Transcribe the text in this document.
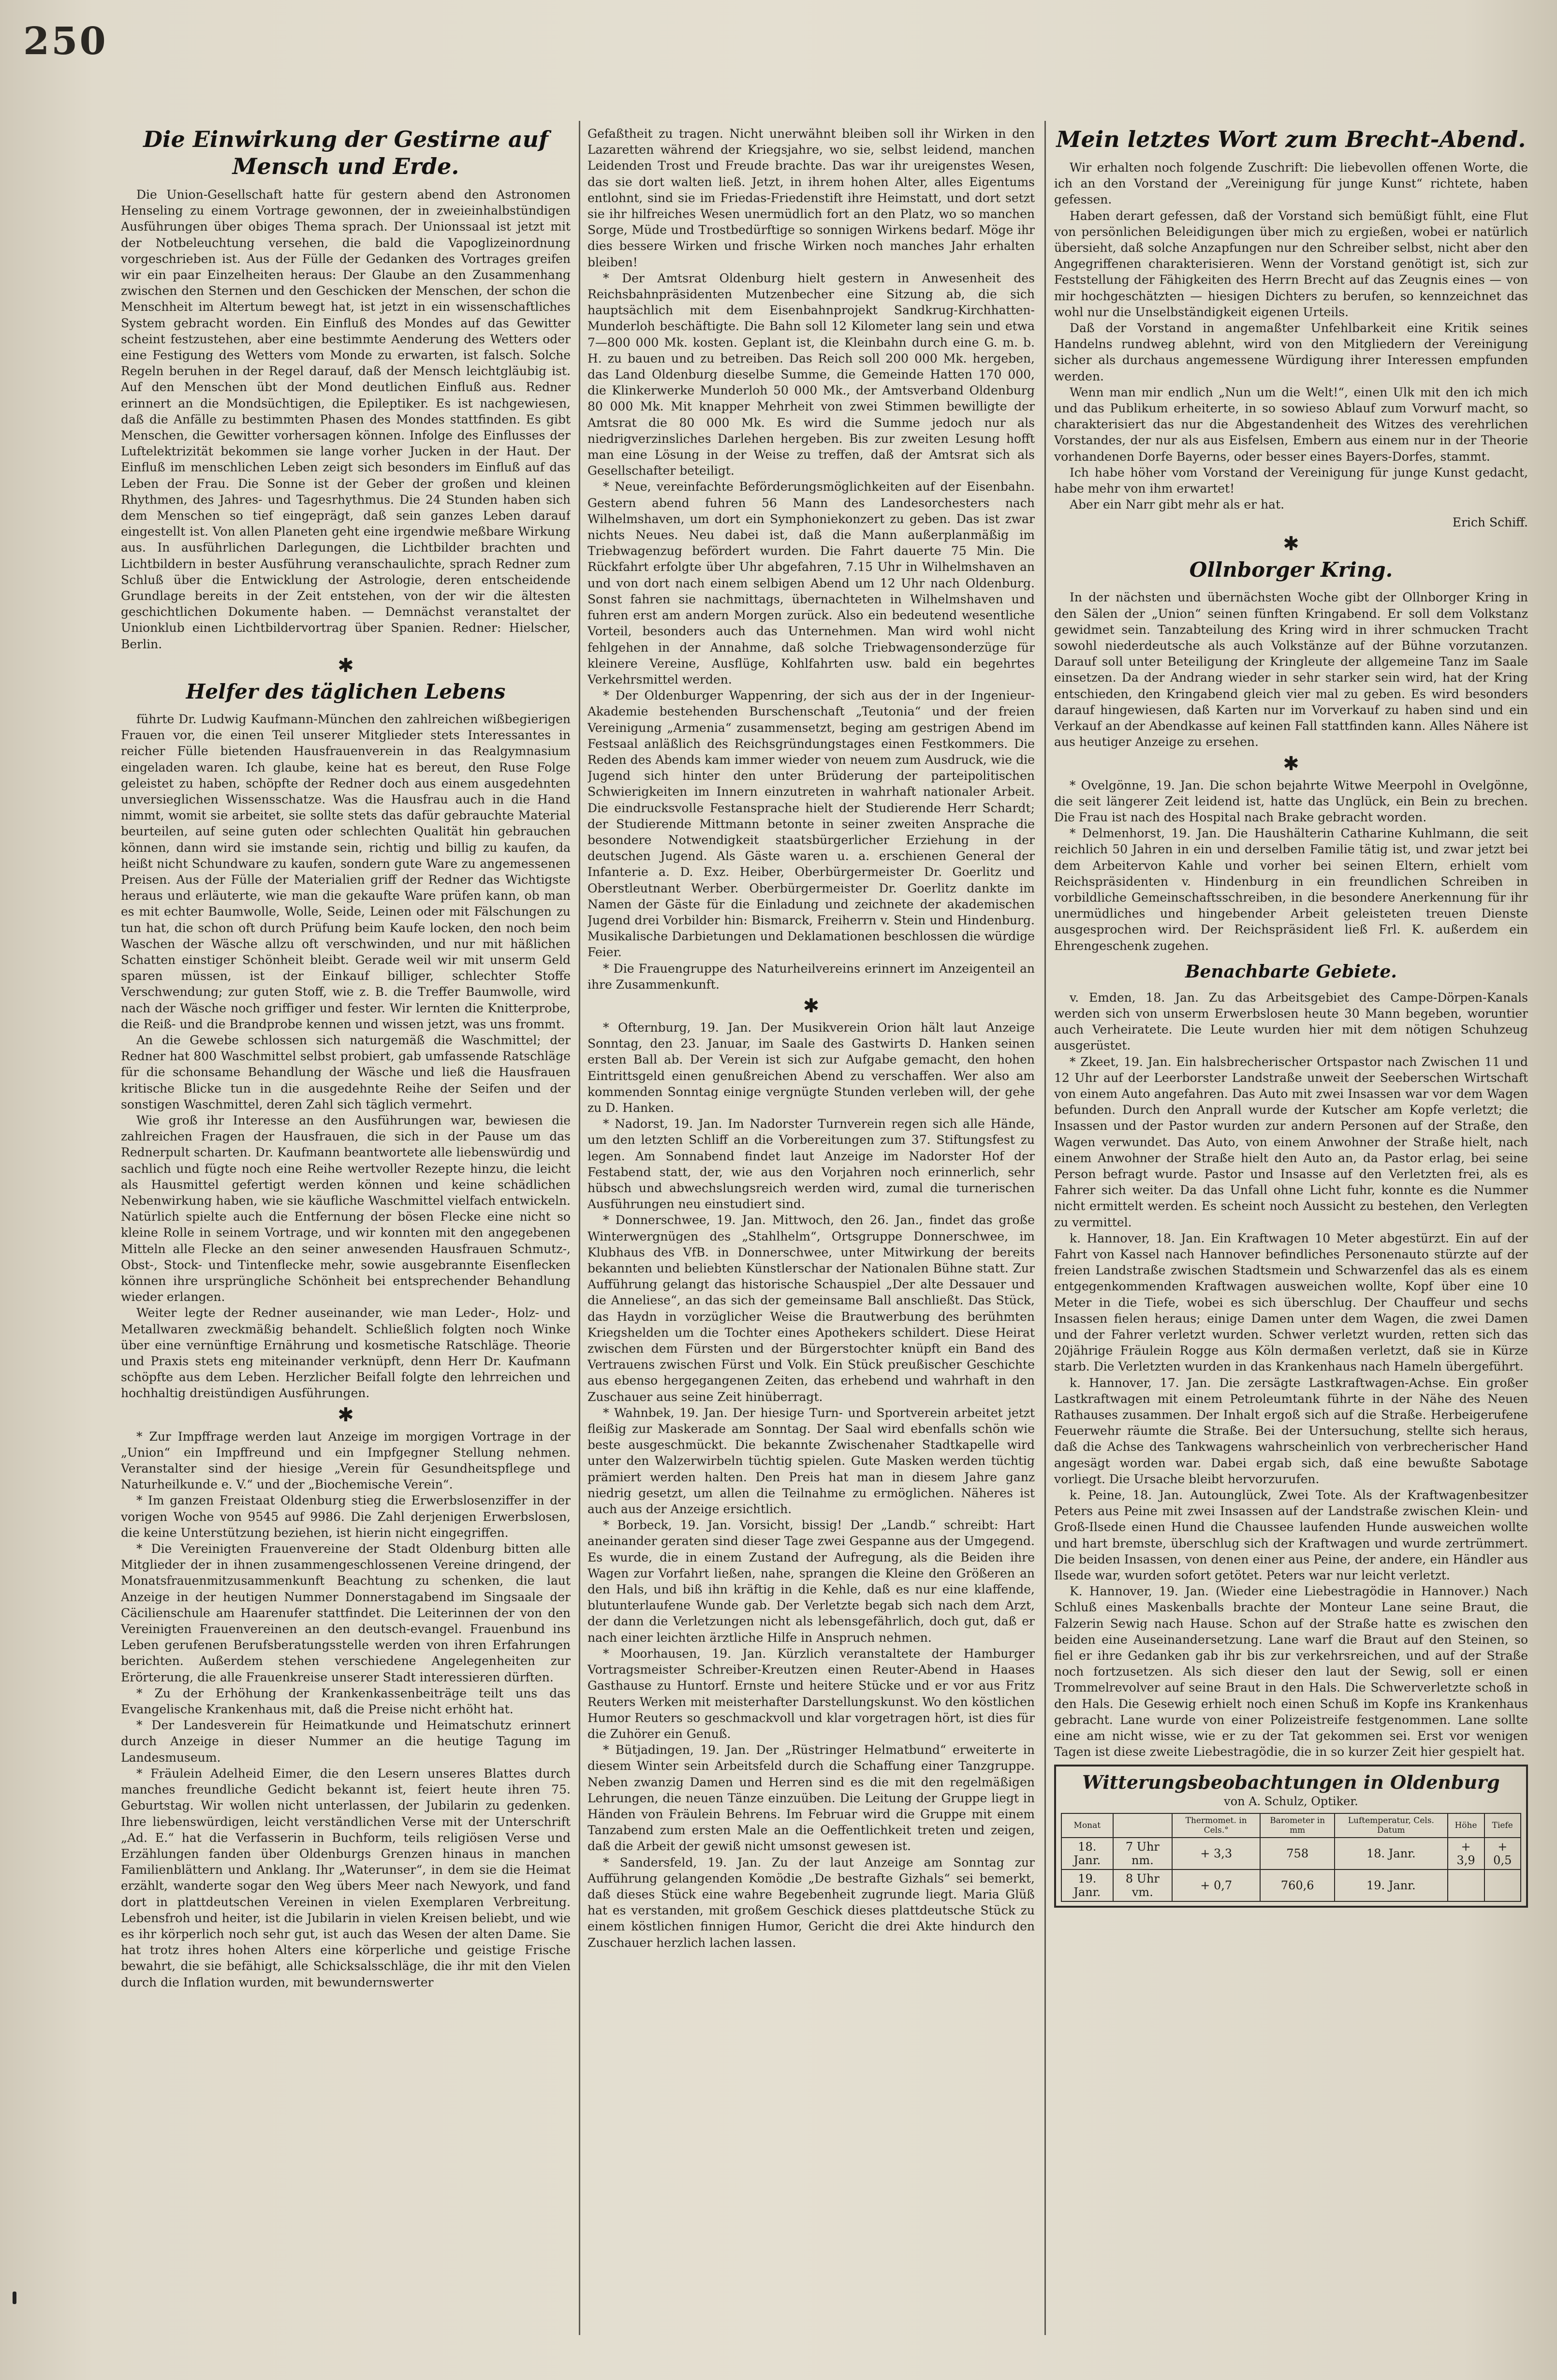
250
Die Einwirkung der Gestirne auf Mensch und Erde.

Die Union-Gesellschaft hatte für gestern abend den Astronomen Henseling zu einem Vortrage gewonnen, der in zweieinhalbstündigen Ausführungen über obiges Thema sprach. Der Unionssaal ist jetzt mit der Notbeleuchtung versehen, die bald die Vapoglizeinordnung vorgeschrieben ist. Aus der Fülle der Gedanken des Vortrages greifen wir ein paar Einzelheiten heraus: Der Glaube an den Zusammenhang zwischen den Sternen und den Geschicken der Menschen, der schon die Menschheit im Altertum bewegt hat, ist jetzt in ein wissenschaftliches System gebracht worden. Ein Einfluß des Mondes auf das Gewitter scheint festzustehen, aber eine bestimmte Aenderung des Wetters oder eine Festigung des Wetters vom Monde zu erwarten, ist falsch. Solche Regeln beruhen in der Regel darauf, daß der Mensch leichtgläubig ist. Auf den Menschen übt der Mond deutlichen Einfluß aus. Redner erinnert an die Mondsüchtigen, die Epileptiker. Es ist nachgewiesen, daß die Anfälle zu bestimmten Phasen des Mondes stattfinden. Es gibt Menschen, die Gewitter vorhersagen können. Infolge des Einflusses der Luftelektrizität bekommen sie lange vorher Jucken in der Haut. Der Einfluß im menschlichen Leben zeigt sich besonders im Einfluß auf das Leben der Frau. Die Sonne ist der Geber der großen und kleinen Rhythmen, des Jahres- und Tagesrhythmus. Die 24 Stunden haben sich dem Menschen so tief eingeprägt, daß sein ganzes Leben darauf eingestellt ist. Von allen Planeten geht eine irgendwie meßbare Wirkung aus. In ausführlichen Darlegungen, die Lichtbilder brachten und Lichtbildern in bester Ausführung veranschaulichte, sprach Redner zum Schluß über die Entwicklung der Astrologie, deren entscheidende Grundlage bereits in der Zeit entstehen, von der wir die ältesten geschichtlichen Dokumente haben. — Demnächst veranstaltet der Unionklub einen Lichtbildervortrag über Spanien. Redner: Hielscher, Berlin.

✱
Helfer des täglichen Lebens

führte Dr. Ludwig Kaufmann-München den zahlreichen wißbegierigen Frauen vor, die einen Teil unserer Mitglieder stets Interessantes in reicher Fülle bietenden Hausfrauenverein in das Realgymnasium eingeladen waren. Ich glaube, keine hat es bereut, den Ruse Folge geleistet zu haben, schöpfte der Redner doch aus einem ausgedehnten unversieglichen Wissensschatze. Was die Hausfrau auch in die Hand nimmt, womit sie arbeitet, sie sollte stets das dafür gebrauchte Material beurteilen, auf seine guten oder schlechten Qualität hin gebrauchen können, dann wird sie imstande sein, richtig und billig zu kaufen, da heißt nicht Schundware zu kaufen, sondern gute Ware zu angemessenen Preisen. Aus der Fülle der Materialien griff der Redner das Wichtigste heraus und erläuterte, wie man die gekaufte Ware prüfen kann, ob man es mit echter Baumwolle, Wolle, Seide, Leinen oder mit Fälschungen zu tun hat, die schon oft durch Prüfung beim Kaufe locken, den noch beim Waschen der Wäsche allzu oft verschwinden, und nur mit häßlichen Schatten einstiger Schönheit bleibt. Gerade weil wir mit unserm Geld sparen müssen, ist der Einkauf billiger, schlechter Stoffe Verschwendung; zur guten Stoff, wie z. B. die Treffer Baumwolle, wird nach der Wäsche noch griffiger und fester. Wir lernten die Knitterprobe, die Reiß- und die Brandprobe kennen und wissen jetzt, was uns frommt.

An die Gewebe schlossen sich naturgemäß die Waschmittel; der Redner hat 800 Waschmittel selbst probiert, gab umfassende Ratschläge für die schonsame Behandlung der Wäsche und ließ die Hausfrauen kritische Blicke tun in die ausgedehnte Reihe der Seifen und der sonstigen Waschmittel, deren Zahl sich täglich vermehrt.

Wie groß ihr Interesse an den Ausführungen war, bewiesen die zahlreichen Fragen der Hausfrauen, die sich in der Pause um das Rednerpult scharten. Dr. Kaufmann beantwortete alle liebenswürdig und sachlich und fügte noch eine Reihe wertvoller Rezepte hinzu, die leicht als Hausmittel gefertigt werden können und keine schädlichen Nebenwirkung haben, wie sie käufliche Waschmittel vielfach entwickeln. Natürlich spielte auch die Entfernung der bösen Flecke eine nicht so kleine Rolle in seinem Vortrage, und wir konnten mit den angegebenen Mitteln alle Flecke an den seiner anwesenden Hausfrauen Schmutz-, Obst-, Stock- und Tintenflecke mehr, sowie ausgebrannte Eisenflecken können ihre ursprüngliche Schönheit bei entsprechender Behandlung wieder erlangen.

Weiter legte der Redner auseinander, wie man Leder-, Holz- und Metallwaren zweckmäßig behandelt. Schließlich folgten noch Winke über eine vernünftige Ernährung und kosmetische Ratschläge. Theorie und Praxis stets eng miteinander verknüpft, denn Herr Dr. Kaufmann schöpfte aus dem Leben. Herzlicher Beifall folgte den lehrreichen und hochhaltig dreistündigen Ausführungen.

✱

* Zur Impffrage werden laut Anzeige im morgigen Vortrage in der „Union“ ein Impffreund und ein Impfgegner Stellung nehmen. Veranstalter sind der hiesige „Verein für Gesundheitspflege und Naturheilkunde e. V.“ und der „Biochemische Verein“.

* Im ganzen Freistaat Oldenburg stieg die Erwerbslosenziffer in der vorigen Woche von 9545 auf 9986. Die Zahl derjenigen Erwerbslosen, die keine Unterstützung beziehen, ist hierin nicht eingegriffen.

* Die Vereinigten Frauenvereine der Stadt Oldenburg bitten alle Mitglieder der in ihnen zusammengeschlossenen Vereine dringend, der Monatsfrauenmitzusammenkunft Beachtung zu schenken, die laut Anzeige in der heutigen Nummer Donnerstagabend im Singsaale der Cäcilienschule am Haarenufer stattfindet. Die Leiterinnen der von den Vereinigten Frauenvereinen an den deutsch-evangel. Frauenbund ins Leben gerufenen Berufsberatungsstelle werden von ihren Erfahrungen berichten. Außerdem stehen verschiedene Angelegenheiten zur Erörterung, die alle Frauenkreise unserer Stadt interessieren dürften.

* Zu der Erhöhung der Krankenkassenbeiträge teilt uns das Evangelische Krankenhaus mit, daß die Preise nicht erhöht hat.

* Der Landesverein für Heimatkunde und Heimatschutz erinnert durch Anzeige in dieser Nummer an die heutige Tagung im Landesmuseum.

* Fräulein Adelheid Eimer, die den Lesern unseres Blattes durch manches freundliche Gedicht bekannt ist, feiert heute ihren 75. Geburtstag. Wir wollen nicht unterlassen, der Jubilarin zu gedenken. Ihre liebenswürdigen, leicht verständlichen Verse mit der Unterschrift „Ad. E.“ hat die Verfasserin in Buchform, teils religiösen Verse und Erzählungen fanden über Oldenburgs Grenzen hinaus in manchen Familienblättern und Anklang. Ihr „Waterunser“, in dem sie die Heimat erzählt, wanderte sogar den Weg übers Meer nach Newyork, und fand dort in plattdeutschen Vereinen in vielen Exemplaren Verbreitung. Lebensfroh und heiter, ist die Jubilarin in vielen Kreisen beliebt, und wie es ihr körperlich noch sehr gut, ist auch das Wesen der alten Dame. Sie hat trotz ihres hohen Alters eine körperliche und geistige Frische bewahrt, die sie befähigt, alle Schicksalsschläge, die ihr mit den Vielen durch die Inflation wurden, mit bewundernswerter

Gefaßtheit zu tragen. Nicht unerwähnt bleiben soll ihr Wirken in den Lazaretten während der Kriegsjahre, wo sie, selbst leidend, manchen Leidenden Trost und Freude brachte. Das war ihr ureigenstes Wesen, das sie dort walten ließ. Jetzt, in ihrem hohen Alter, alles Eigentums entlohnt, sind sie im Friedas-Friedenstift ihre Heimstatt, und dort setzt sie ihr hilfreiches Wesen unermüdlich fort an den Platz, wo so manchen Sorge, Müde und Trostbedürftige so sonnigen Wirkens bedarf. Möge ihr dies bessere Wirken und frische Wirken noch manches Jahr erhalten bleiben!

* Der Amtsrat Oldenburg hielt gestern in Anwesenheit des Reichsbahnpräsidenten Mutzenbecher eine Sitzung ab, die sich hauptsächlich mit dem Eisenbahnprojekt Sandkrug-Kirchhatten-Munderloh beschäftigte. Die Bahn soll 12 Kilometer lang sein und etwa 7—800 000 Mk. kosten. Geplant ist, die Kleinbahn durch eine G. m. b. H. zu bauen und zu betreiben. Das Reich soll 200 000 Mk. hergeben, das Land Oldenburg dieselbe Summe, die Gemeinde Hatten 170 000, die Klinkerwerke Munderloh 50 000 Mk., der Amtsverband Oldenburg 80 000 Mk. Mit knapper Mehrheit von zwei Stimmen bewilligte der Amtsrat die 80 000 Mk. Es wird die Summe jedoch nur als niedrigverzinsliches Darlehen hergeben. Bis zur zweiten Lesung hofft man eine Lösung in der Weise zu treffen, daß der Amtsrat sich als Gesellschafter beteiligt.

* Neue, vereinfachte Beförderungsmöglichkeiten auf der Eisenbahn. Gestern abend fuhren 56 Mann des Landesorchesters nach Wilhelmshaven, um dort ein Symphoniekonzert zu geben. Das ist zwar nichts Neues. Neu dabei ist, daß die Mann außerplanmäßig im Triebwagenzug befördert wurden. Die Fahrt dauerte 75 Min. Die Rückfahrt erfolgte über Uhr abgefahren, 7.15 Uhr in Wilhelmshaven an und von dort nach einem selbigen Abend um 12 Uhr nach Oldenburg. Sonst fahren sie nachmittags, übernachteten in Wilhelmshaven und fuhren erst am andern Morgen zurück. Also ein bedeutend wesentliche Vorteil, besonders auch das Unternehmen. Man wird wohl nicht fehlgehen in der Annahme, daß solche Triebwagensonderzüge für kleinere Vereine, Ausflüge, Kohlfahrten usw. bald ein begehrtes Verkehrsmittel werden.

* Der Oldenburger Wappenring, der sich aus der in der Ingenieur-Akademie bestehenden Burschenschaft „Teutonia“ und der freien Vereinigung „Armenia“ zusammensetzt, beging am gestrigen Abend im Festsaal anläßlich des Reichsgründungstages einen Festkommers. Die Reden des Abends kam immer wieder von neuem zum Ausdruck, wie die Jugend sich hinter den unter Brüderung der parteipolitischen Schwierigkeiten im Innern einzutreten in wahrhaft nationaler Arbeit. Die eindrucksvolle Festansprache hielt der Studierende Herr Schardt; der Studierende Mittmann betonte in seiner zweiten Ansprache die besondere Notwendigkeit staatsbürgerlicher Erziehung in der deutschen Jugend. Als Gäste waren u. a. erschienen General der Infanterie a. D. Exz. Heiber, Oberbürgermeister Dr. Goerlitz und Oberstleutnant Werber. Oberbürgermeister Dr. Goerlitz dankte im Namen der Gäste für die Einladung und zeichnete der akademischen Jugend drei Vorbilder hin: Bismarck, Freiherrn v. Stein und Hindenburg. Musikalische Darbietungen und Deklamationen beschlossen die würdige Feier.

* Die Frauengruppe des Naturheilvereins erinnert im Anzeigenteil an ihre Zusammenkunft.

✱

* Ofternburg, 19. Jan. Der Musikverein Orion hält laut Anzeige Sonntag, den 23. Januar, im Saale des Gastwirts D. Hanken seinen ersten Ball ab. Der Verein ist sich zur Aufgabe gemacht, den hohen Eintrittsgeld einen genußreichen Abend zu verschaffen. Wer also am kommenden Sonntag einige vergnügte Stunden verleben will, der gehe zu D. Hanken.

* Nadorst, 19. Jan. Im Nadorster Turnverein regen sich alle Hände, um den letzten Schliff an die Vorbereitungen zum 37. Stiftungsfest zu legen. Am Sonnabend findet laut Anzeige im Nadorster Hof der Festabend statt, der, wie aus den Vorjahren noch erinnerlich, sehr hübsch und abwechslungsreich werden wird, zumal die turnerischen Ausführungen neu einstudiert sind.

* Donnerschwee, 19. Jan. Mittwoch, den 26. Jan., findet das große Winterwergnügen des „Stahlhelm“, Ortsgruppe Donnerschwee, im Klubhaus des VfB. in Donnerschwee, unter Mitwirkung der bereits bekannten und beliebten Künstlerschar der Nationalen Bühne statt. Zur Aufführung gelangt das historische Schauspiel „Der alte Dessauer und die Anneliese“, an das sich der gemeinsame Ball anschließt. Das Stück, das Haydn in vorzüglicher Weise die Brautwerbung des berühmten Kriegshelden um die Tochter eines Apothekers schildert. Diese Heirat zwischen dem Fürsten und der Bürgerstochter knüpft ein Band des Vertrauens zwischen Fürst und Volk. Ein Stück preußischer Geschichte aus ebenso hergegangenen Zeiten, das erhebend und wahrhaft in den Zuschauer aus seine Zeit hinüberragt.

* Wahnbek, 19. Jan. Der hiesige Turn- und Sportverein arbeitet jetzt fleißig zur Maskerade am Sonntag. Der Saal wird ebenfalls schön wie beste ausgeschmückt. Die bekannte Zwischenaher Stadtkapelle wird unter den Walzerwirbeln tüchtig spielen. Gute Masken werden tüchtig prämiert werden halten. Den Preis hat man in diesem Jahre ganz niedrig gesetzt, um allen die Teilnahme zu ermöglichen. Näheres ist auch aus der Anzeige ersichtlich.

* Borbeck, 19. Jan. Vorsicht, bissig! Der „Landb.“ schreibt: Hart aneinander geraten sind dieser Tage zwei Gespanne aus der Umgegend. Es wurde, die in einem Zustand der Aufregung, als die Beiden ihre Wagen zur Vorfahrt ließen, nahe, sprangen die Kleine den Größeren an den Hals, und biß ihn kräftig in die Kehle, daß es nur eine klaffende, blutunterlaufene Wunde gab. Der Verletzte begab sich nach dem Arzt, der dann die Verletzungen nicht als lebensgefährlich, doch gut, daß er nach einer leichten ärztliche Hilfe in Anspruch nehmen.

* Moorhausen, 19. Jan. Kürzlich veranstaltete der Hamburger Vortragsmeister Schreiber-Kreutzen einen Reuter-Abend in Haases Gasthause zu Huntorf. Ernste und heitere Stücke und er vor aus Fritz Reuters Werken mit meisterhafter Darstellungskunst. Wo den köstlichen Humor Reuters so geschmackvoll und klar vorgetragen hört, ist dies für die Zuhörer ein Genuß.

* Bütjadingen, 19. Jan. Der „Rüstringer Helmatbund“ erweiterte in diesem Winter sein Arbeitsfeld durch die Schaffung einer Tanzgruppe. Neben zwanzig Damen und Herren sind es die mit den regelmäßigen Lehrungen, die neuen Tänze einzuüben. Die Leitung der Gruppe liegt in Händen von Fräulein Behrens. Im Februar wird die Gruppe mit einem Tanzabend zum ersten Male an die Oeffentlichkeit treten und zeigen, daß die Arbeit der gewiß nicht umsonst gewesen ist.

* Sandersfeld, 19. Jan. Zu der laut Anzeige am Sonntag zur Aufführung gelangenden Komödie „De bestrafte Gizhals“ sei bemerkt, daß dieses Stück eine wahre Begebenheit zugrunde liegt. Maria Glüß hat es verstanden, mit großem Geschick dieses plattdeutsche Stück zu einem köstlichen finnigen Humor, Gericht die drei Akte hindurch den Zuschauer herzlich lachen lassen.

Mein letztes Wort zum Brecht-Abend.

Wir erhalten noch folgende Zuschrift: Die liebevollen offenen Worte, die ich an den Vorstand der „Vereinigung für junge Kunst“ richtete, haben gefessen.

Haben derart gefessen, daß der Vorstand sich bemüßigt fühlt, eine Flut von persönlichen Beleidigungen über mich zu ergießen, wobei er natürlich übersieht, daß solche Anzapfungen nur den Schreiber selbst, nicht aber den Angegriffenen charakterisieren. Wenn der Vorstand genötigt ist, sich zur Feststellung der Fähigkeiten des Herrn Brecht auf das Zeugnis eines — von mir hochgeschätzten — hiesigen Dichters zu berufen, so kennzeichnet das wohl nur die Unselbständigkeit eigenen Urteils.

Daß der Vorstand in angemaßter Unfehlbarkeit eine Kritik seines Handelns rundweg ablehnt, wird von den Mitgliedern der Vereinigung sicher als durchaus angemessene Würdigung ihrer Interessen empfunden werden.

Wenn man mir endlich „Nun um die Welt!“, einen Ulk mit den ich mich und das Publikum erheiterte, in so sowieso Ablauf zum Vorwurf macht, so charakterisiert das nur die Abgestandenheit des Witzes des verehrlichen Vorstandes, der nur als aus Eisfelsen, Embern aus einem nur in der Theorie vorhandenen Dorfe Bayerns, oder besser eines Bayers-Dorfes, stammt.

Ich habe höher vom Vorstand der Vereinigung für junge Kunst gedacht, habe mehr von ihm erwartet!

Aber ein Narr gibt mehr als er hat.

Erich Schiff.
✱
Ollnborger Kring.

In der nächsten und übernächsten Woche gibt der Ollnborger Kring in den Sälen der „Union“ seinen fünften Kringabend. Er soll dem Volkstanz gewidmet sein. Tanzabteilung des Kring wird in ihrer schmucken Tracht sowohl niederdeutsche als auch Volkstänze auf der Bühne vorzutanzen. Darauf soll unter Beteiligung der Kringleute der allgemeine Tanz im Saale einsetzen. Da der Andrang wieder in sehr starker sein wird, hat der Kring entschieden, den Kringabend gleich vier mal zu geben. Es wird besonders darauf hingewiesen, daß Karten nur im Vorverkauf zu haben sind und ein Verkauf an der Abendkasse auf keinen Fall stattfinden kann. Alles Nähere ist aus heutiger Anzeige zu ersehen.

✱

* Ovelgönne, 19. Jan. Die schon bejahrte Witwe Meerpohl in Ovelgönne, die seit längerer Zeit leidend ist, hatte das Unglück, ein Bein zu brechen. Die Frau ist nach des Hospital nach Brake gebracht worden.

* Delmenhorst, 19. Jan. Die Haushälterin Catharine Kuhlmann, die seit reichlich 50 Jahren in ein und derselben Familie tätig ist, und zwar jetzt bei dem Arbeitervon Kahle und vorher bei seinen Eltern, erhielt vom Reichspräsidenten v. Hindenburg in ein freundlichen Schreiben in vorbildliche Gemeinschaftsschreiben, in die besondere Anerkennung für ihr unermüdliches und hingebender Arbeit geleisteten treuen Dienste ausgesprochen wird. Der Reichspräsident ließ Frl. K. außerdem ein Ehrengeschenk zugehen.

Benachbarte Gebiete.

v. Emden, 18. Jan. Zu das Arbeitsgebiet des Campe-Dörpen-Kanals werden sich von unserm Erwerbslosen heute 30 Mann begeben, woruntier auch Verheiratete. Die Leute wurden hier mit dem nötigen Schuhzeug ausgerüstet.

* Zkeet, 19. Jan. Ein halsbrecherischer Ortspastor nach Zwischen 11 und 12 Uhr auf der Leerborster Landstraße unweit der Seeberschen Wirtschaft von einem Auto angefahren. Das Auto mit zwei Insassen war vor dem Wagen befunden. Durch den Anprall wurde der Kutscher am Kopfe verletzt; die Insassen und der Pastor wurden zur andern Personen auf der Straße, den Wagen verwundet. Das Auto, von einem Anwohner der Straße hielt, nach einem Anwohner der Straße hielt den Auto an, da Pastor erlag, bei seine Person befragt wurde. Pastor und Insasse auf den Verletzten frei, als es Fahrer sich weiter. Da das Unfall ohne Licht fuhr, konnte es die Nummer nicht ermittelt werden. Es scheint noch Aussicht zu bestehen, den Verlegten zu vermittel.

k. Hannover, 18. Jan. Ein Kraftwagen 10 Meter abgestürzt. Ein auf der Fahrt von Kassel nach Hannover befindliches Personenauto stürzte auf der freien Landstraße zwischen Stadtsmein und Schwarzenfel das als es einem entgegenkommenden Kraftwagen ausweichen wollte, Kopf über eine 10 Meter in die Tiefe, wobei es sich überschlug. Der Chauffeur und sechs Insassen fielen heraus; einige Damen unter dem Wagen, die zwei Damen und der Fahrer verletzt wurden. Schwer verletzt wurden, retten sich das 20jährige Fräulein Rogge aus Köln dermaßen verletzt, daß sie in Kürze starb. Die Verletzten wurden in das Krankenhaus nach Hameln übergeführt.

k. Hannover, 17. Jan. Die zersägte Lastkraftwagen-Achse. Ein großer Lastkraftwagen mit einem Petroleumtank führte in der Nähe des Neuen Rathauses zusammen. Der Inhalt ergoß sich auf die Straße. Herbeigerufene Feuerwehr räumte die Straße. Bei der Untersuchung, stellte sich heraus, daß die Achse des Tankwagens wahrscheinlich von verbrecherischer Hand angesägt worden war. Dabei ergab sich, daß eine bewußte Sabotage vorliegt. Die Ursache bleibt hervorzurufen.

k. Peine, 18. Jan. Autounglück, Zwei Tote. Als der Kraftwagenbesitzer Peters aus Peine mit zwei Insassen auf der Landstraße zwischen Klein- und Groß-Ilsede einen Hund die Chaussee laufenden Hunde ausweichen wollte und hart bremste, überschlug sich der Kraftwagen und wurde zertrümmert. Die beiden Insassen, von denen einer aus Peine, der andere, ein Händler aus Ilsede war, wurden sofort getötet. Peters war nur leicht verletzt.

K. Hannover, 19. Jan. (Wieder eine Liebestragödie in Hannover.) Nach Schluß eines Maskenballs brachte der Monteur Lane seine Braut, die Falzerin Sewig nach Hause. Schon auf der Straße hatte es zwischen den beiden eine Auseinandersetzung. Lane warf die Braut auf den Steinen, so fiel er ihre Gedanken gab ihr bis zur verkehrsreichen, und auf der Straße noch fortzusetzen. Als sich dieser den laut der Sewig, soll er einen Trommelrevolver auf seine Braut in den Hals. Die Schwerverletzte schoß in den Hals. Die Gesewig erhielt noch einen Schuß im Kopfe ins Krankenhaus gebracht. Lane wurde von einer Polizeistreife festgenommen. Lane sollte eine am nicht wisse, wie er zu der Tat gekommen sei. Erst vor wenigen Tagen ist diese zweite Liebestragödie, die in so kurzer Zeit hier gespielt hat.

Witterungsbeobachtungen in Oldenburg
von A. Schulz, Optiker.
Monat		Thermomet. in Cels.°	Barometer in mm	Luftemperatur, Cels. Datum	Höhe	Tiefe
18. Janr.	7 Uhr nm.	+ 3,3	758	18. Janr.	+ 3,9	+ 0,5
19. Janr.	8 Uhr vm.	+ 0,7	760,6	19. Janr.		
